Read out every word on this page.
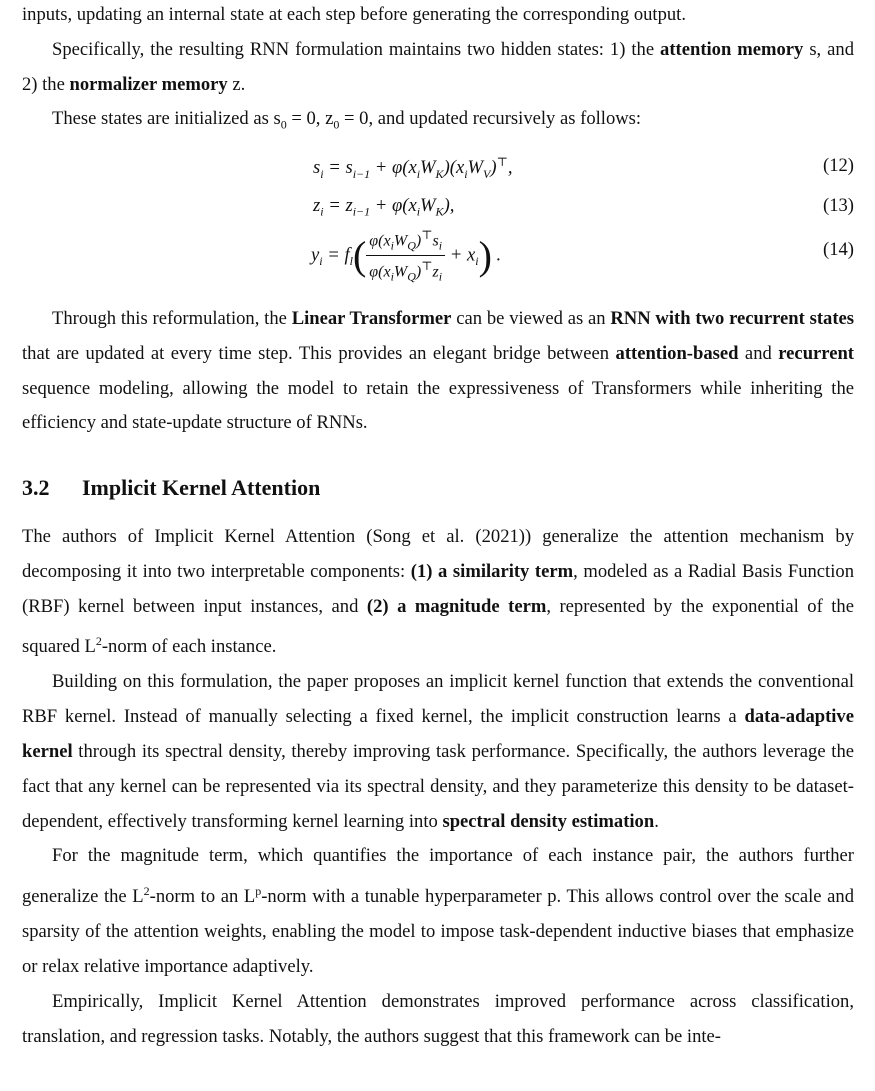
inputs, updating an internal state at each step before generating the corresponding output.

Specifically, the resulting RNN formulation maintains two hidden states: 1) the attention memory s, and 2) the normalizer memory z.

These states are initialized as $s_0 = 0$, $z_0 = 0$, and updated recursively as follows:

$s_i = s_{i-1} + \varphi(x_iW_K)(x_iW_V)^⊤$,	(12)
$z_i = z_{i-1} + \varphi(x_iW_K)$,	(13)
$y_i = f_l( \frac{\varphi(x_iW_Q)^⊤s_i}{\varphi(x_iW_Q)^⊤z_i} + x_i)$ .	(14)

Through this reformulation, the Linear Transformer can be viewed as an RNN with two recurrent states that are updated at every time step. This provides an elegant bridge between attention-based and recurrent sequence modeling, allowing the model to retain the expressiveness of Transformers while inheriting the efficiency and state-update structure of RNNs.

3.2 Implicit Kernel Attention

The authors of Implicit Kernel Attention (Song et al. (2021)) generalize the attention mechanism by decomposing it into two interpretable components: (1) a similarity term, modeled as a Radial Basis Function (RBF) kernel between input instances, and (2) a magnitude term, represented by the exponential of the squared $L^2$-norm of each instance.

Building on this formulation, the paper proposes an implicit kernel function that extends the conventional RBF kernel. Instead of manually selecting a fixed kernel, the implicit construction learns a data-adaptive kernel through its spectral density, thereby improving task performance. Specifically, the authors leverage the fact that any kernel can be represented via its spectral density, and they parameterize this density to be dataset-dependent, effectively transforming kernel learning into spectral density estimation.

For the magnitude term, which quantifies the importance of each instance pair, the authors further generalize the $L^2$-norm to an $L^p$-norm with a tunable hyperparameter p. This allows control over the scale and sparsity of the attention weights, enabling the model to impose task-dependent inductive biases that emphasize or relax relative importance adaptively.

Empirically, Implicit Kernel Attention demonstrates improved performance across classification, translation, and regression tasks. Notably, the authors suggest that this framework can be inte-
